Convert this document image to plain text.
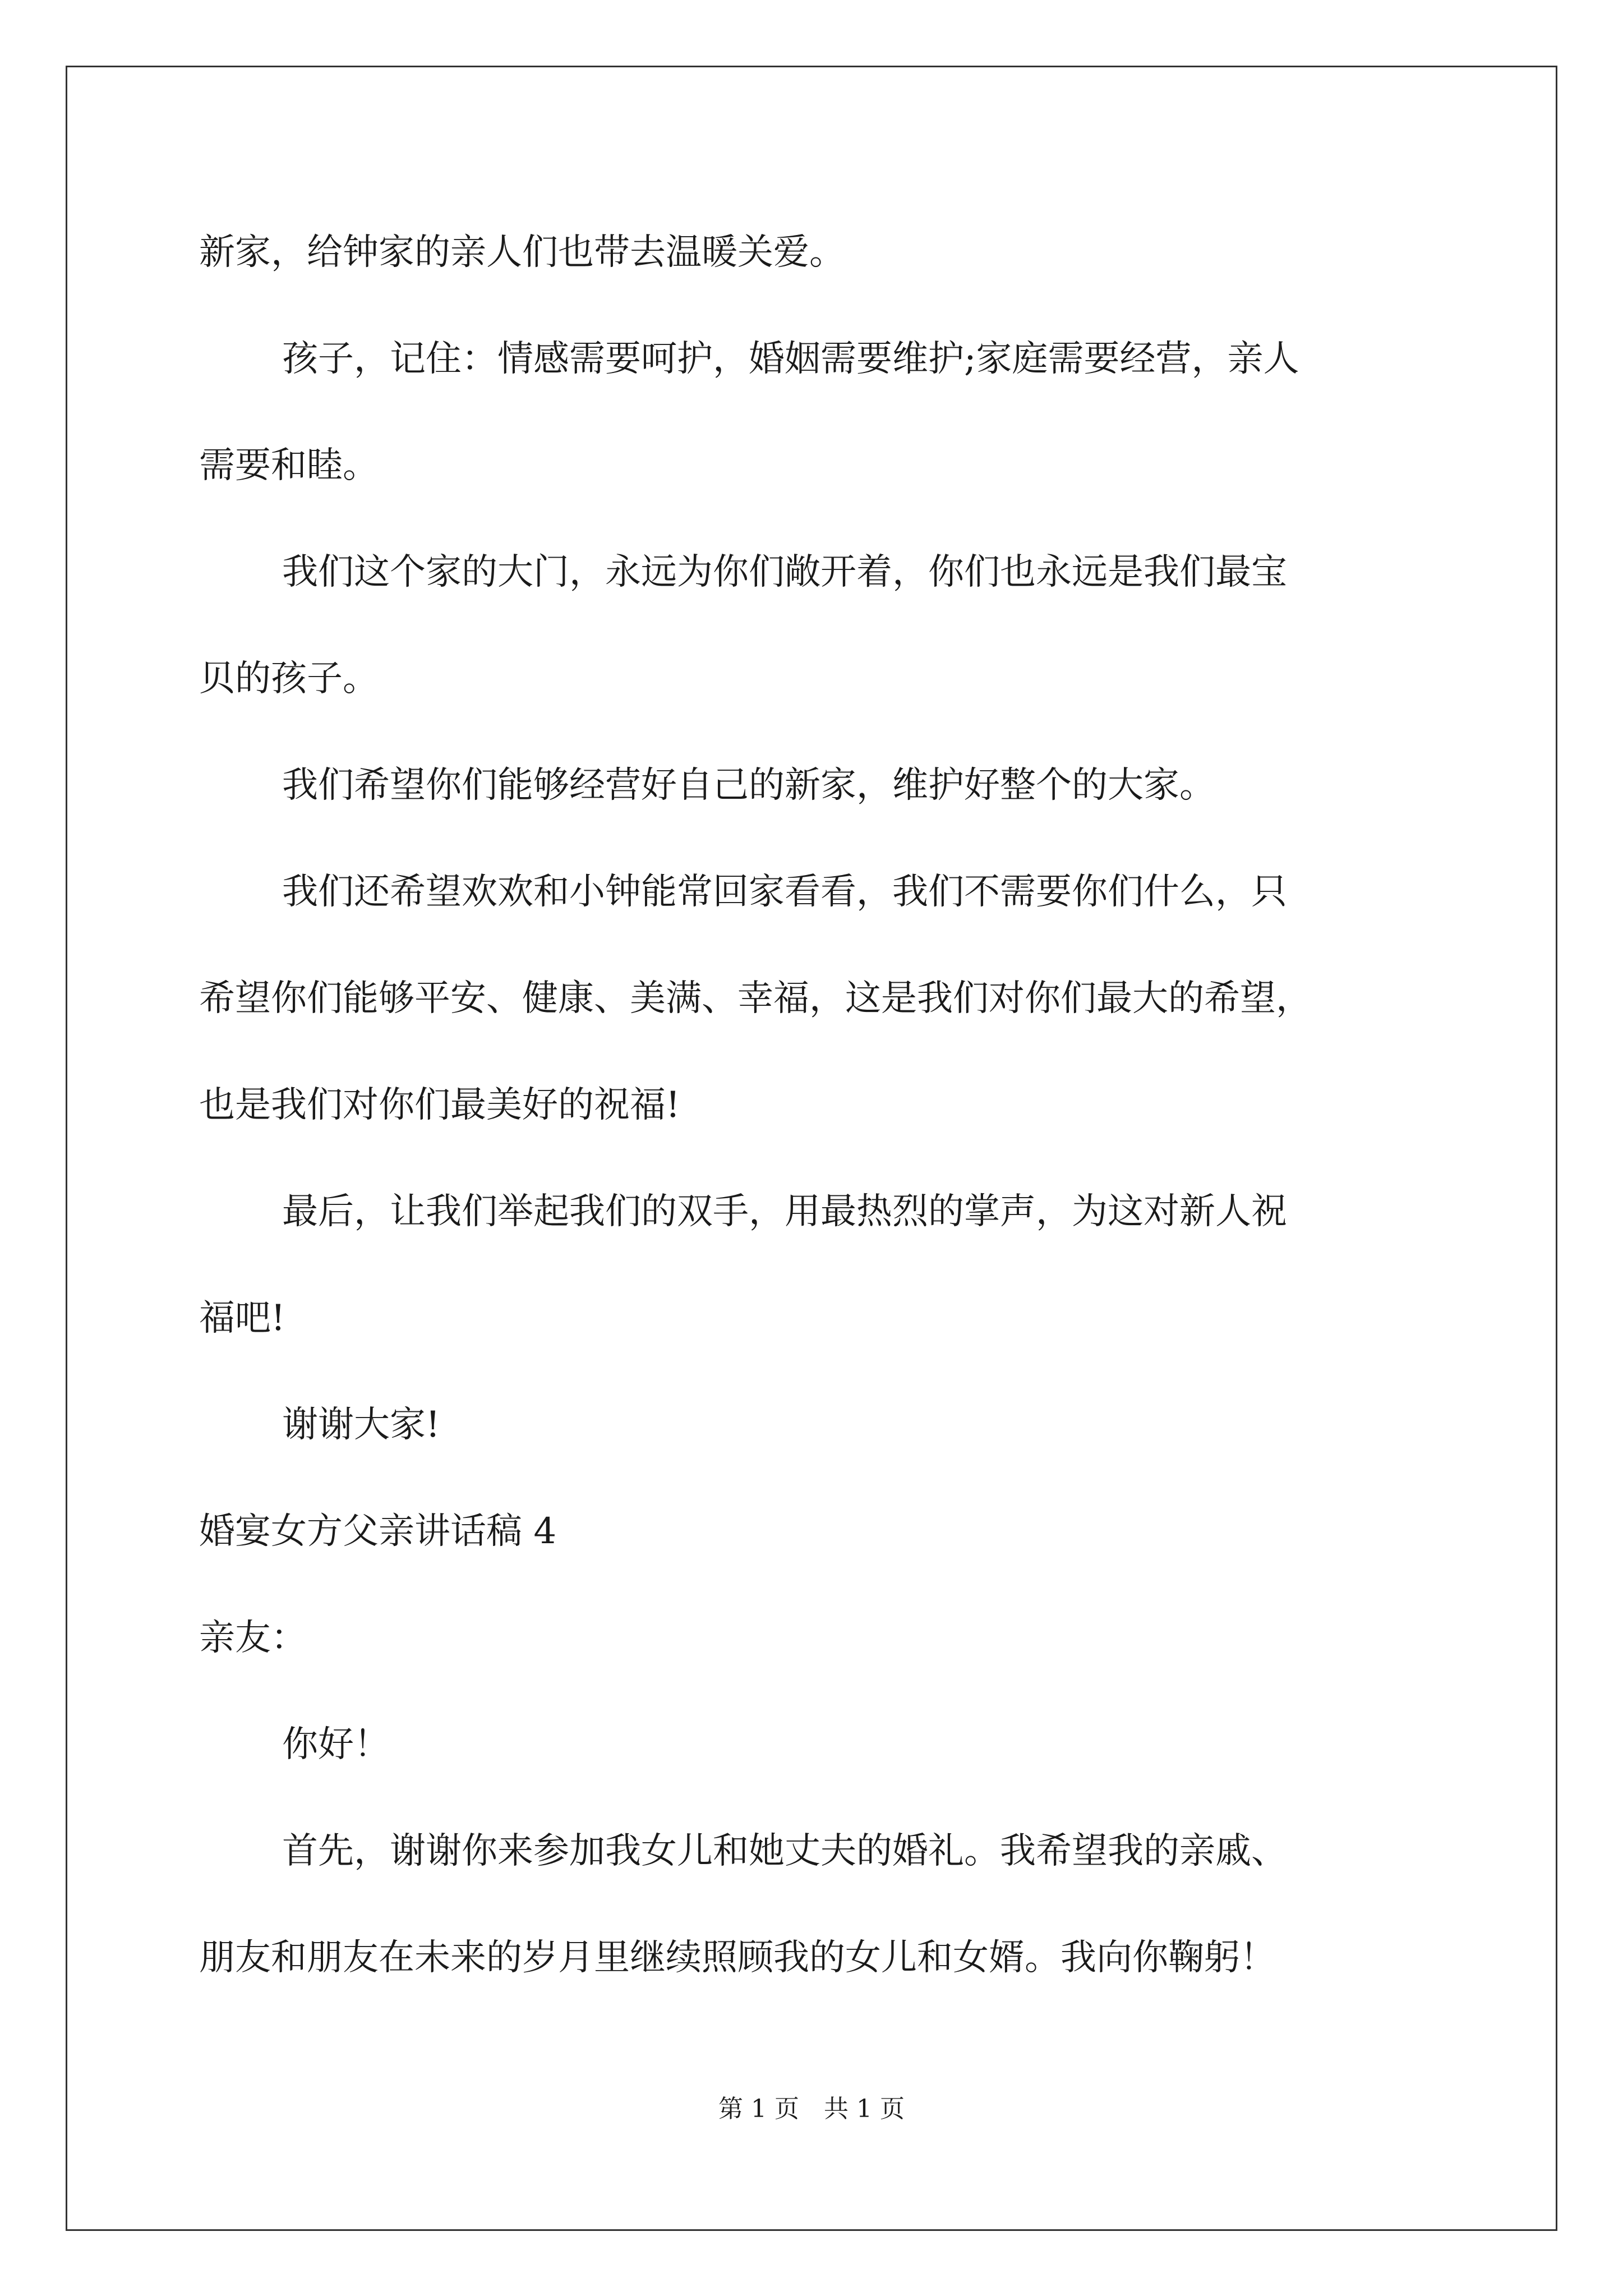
新家，给钟家的亲人们也带去温暖关爱。
孩子，记住：情感需要呵护，婚姻需要维护;家庭需要经营，亲人
需要和睦。
我们这个家的大门，永远为你们敞开着，你们也永远是我们最宝
贝的孩子。
我们希望你们能够经营好自己的新家，维护好整个的大家。
我们还希望欢欢和小钟能常回家看看，我们不需要你们什么，只
希望你们能够平安、健康、美满、幸福，这是我们对你们最大的希望，
也是我们对你们最美好的祝福!
最后，让我们举起我们的双手，用最热烈的掌声，为这对新人祝
福吧!
谢谢大家!
婚宴女方父亲讲话稿 4
亲友：
你好！
首先，谢谢你来参加我女儿和她丈夫的婚礼。我希望我的亲戚、
朋友和朋友在未来的岁月里继续照顾我的女儿和女婿。我向你鞠躬！
第 1 页　共 1 页
